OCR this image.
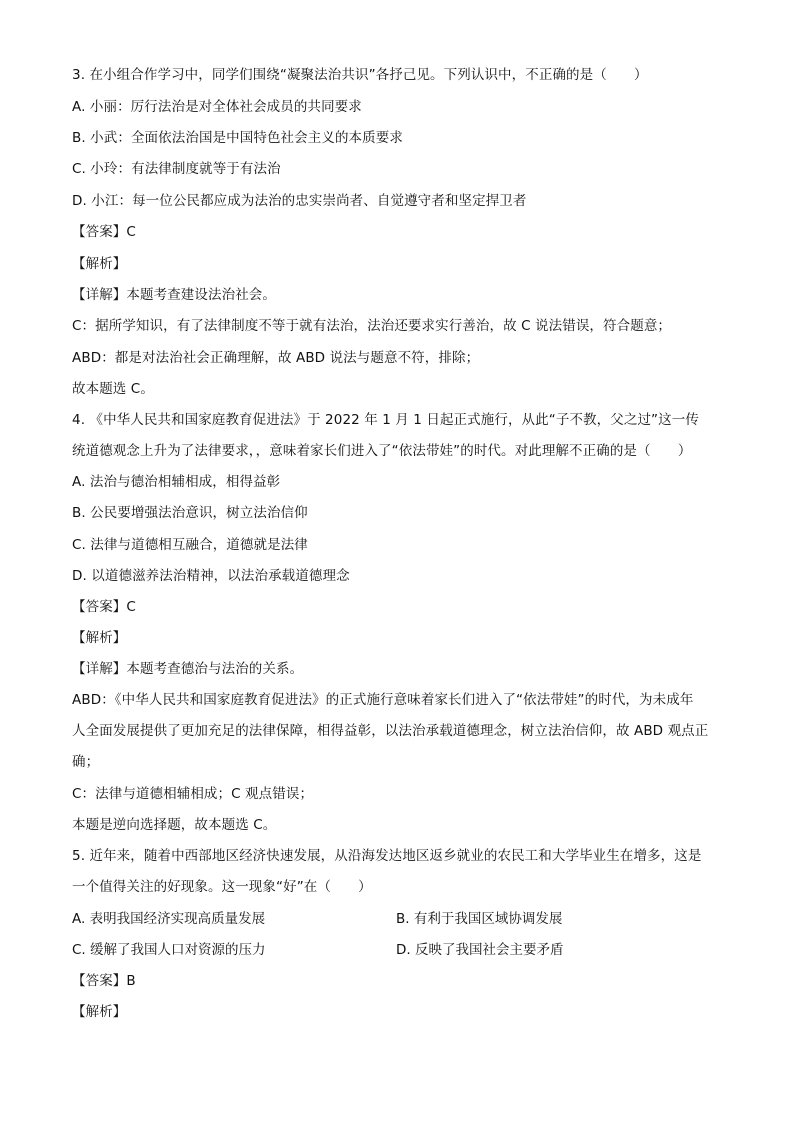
3. 在小组合作学习中，同学们围绕“凝聚法治共识”各抒己见。下列认识中，不正确的是（　　）
A. 小丽：厉行法治是对全体社会成员的共同要求
B. 小武：全面依法治国是中国特色社会主义的本质要求
C. 小玲：有法律制度就等于有法治
D. 小江：每一位公民都应成为法治的忠实崇尚者、自觉遵守者和坚定捍卫者
【答案】C
【解析】
【详解】本题考查建设法治社会。
C：据所学知识，有了法律制度不等于就有法治，法治还要求实行善治，故 C 说法错误，符合题意；
ABD：都是对法治社会正确理解，故 ABD 说法与题意不符，排除；
故本题选 C。
4. 《中华人民共和国家庭教育促进法》于 2022 年 1 月 1 日起正式施行，从此“子不教，父之过”这一传
统道德观念上升为了法律要求，，意味着家长们进入了“依法带娃”的时代。对此理解不正确的是（　　）
A. 法治与德治相辅相成，相得益彰
B. 公民要增强法治意识，树立法治信仰
C. 法律与道德相互融合，道德就是法律
D. 以道德滋养法治精神，以法治承载道德理念
【答案】C
【解析】
【详解】本题考查德治与法治的关系。
ABD：《中华人民共和国家庭教育促进法》的正式施行意味着家长们进入了“依法带娃”的时代，为未成年
人全面发展提供了更加充足的法律保障，相得益彰，以法治承载道德理念，树立法治信仰，故 ABD 观点正
确；
C：法律与道德相辅相成；C 观点错误；
本题是逆向选择题，故本题选 C。
5. 近年来，随着中西部地区经济快速发展，从沿海发达地区返乡就业的农民工和大学毕业生在增多，这是
一个值得关注的好现象。这一现象“好”在（　　）
A. 表明我国经济实现高质量发展	B. 有利于我国区域协调发展
C. 缓解了我国人口对资源的压力	D. 反映了我国社会主要矛盾
【答案】B
【解析】
